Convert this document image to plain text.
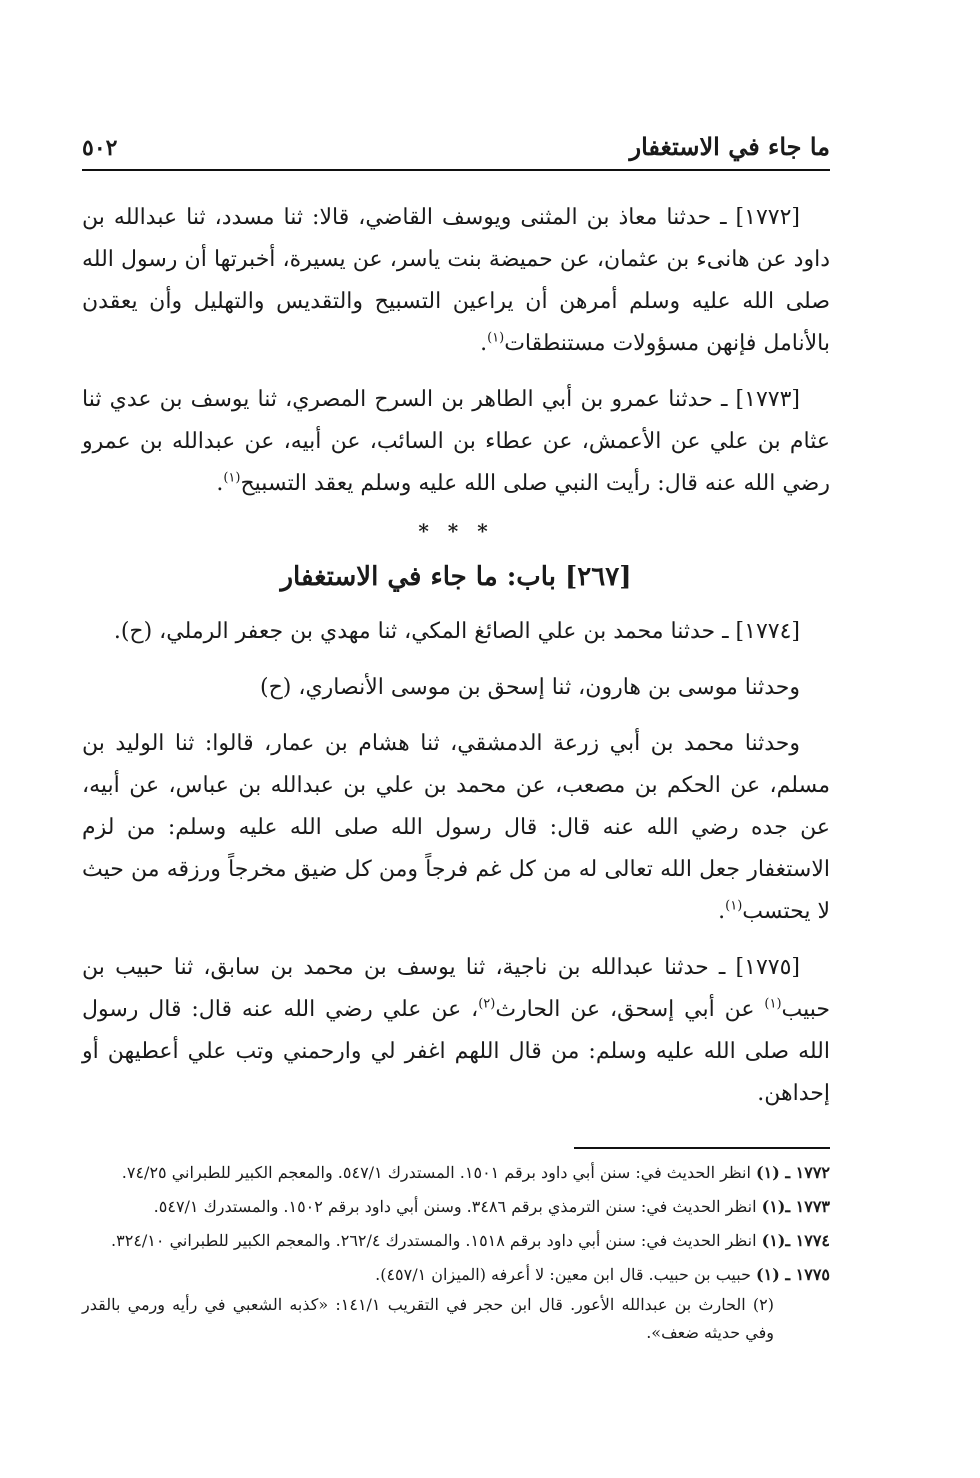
ما جاء في الاستغفار
٥٠٢

[١٧٧٢] ـ حدثنا معاذ بن المثنى ويوسف القاضي، قالا: ثنا مسدد، ثنا عبدالله بن داود عن هانىء بن عثمان، عن حميضة بنت ياسر، عن يسيرة، أخبرتها أن رسول الله صلى الله عليه وسلم أمرهن أن يراعين التسبيح والتقديس والتهليل وأن يعقدن بالأنامل فإنهن مسؤولات مستنطقات$^{(١)}$.

[١٧٧٣] ـ حدثنا عمرو بن أبي الطاهر بن السرح المصري، ثنا يوسف بن عدي ثنا عثام بن علي عن الأعمش، عن عطاء بن السائب، عن أبيه، عن عبدالله بن عمرو رضي الله عنه قال: رأيت النبي صلى الله عليه وسلم يعقد التسبيح$^{(١)}$.

* * *
[٢٦٧] باب: ما جاء في الاستغفار

[١٧٧٤] ـ حدثنا محمد بن علي الصائغ المكي، ثنا مهدي بن جعفر الرملي، (ح).

وحدثنا موسى بن هارون، ثنا إسحق بن موسى الأنصاري، (ح)

وحدثنا محمد بن أبي زرعة الدمشقي، ثنا هشام بن عمار، قالوا: ثنا الوليد بن مسلم، عن الحكم بن مصعب، عن محمد بن علي بن عبدالله بن عباس، عن أبيه، عن جده رضي الله عنه قال: قال رسول الله صلى الله عليه وسلم: من لزم الاستغفار جعل الله تعالى له من كل غم فرجاً ومن كل ضيق مخرجاً ورزقه من حيث لا يحتسب$^{(١)}$.

[١٧٧٥] ـ حدثنا عبدالله بن ناجية، ثنا يوسف بن محمد بن سابق، ثنا حبيب بن حبيب$^{(١)}$ عن أبي إسحق، عن الحارث$^{(٢)}$، عن علي رضي الله عنه قال: قال رسول الله صلى الله عليه وسلم: من قال اللهم اغفر لي وارحمني وتب علي أعطيهن أو إحداهن.

١٧٧٢ ـ (١) انظر الحديث في: سنن أبي داود برقم ١٥٠١. المستدرك ٥٤٧/١. والمعجم الكبير للطبراني ٧٤/٢٥.
١٧٧٣ ـ(١) انظر الحديث في: سنن الترمذي برقم ٣٤٨٦. وسنن أبي داود برقم ١٥٠٢. والمستدرك ٥٤٧/١.
١٧٧٤ ـ(١) انظر الحديث في: سنن أبي داود برقم ١٥١٨. والمستدرك ٢٦٢/٤. والمعجم الكبير للطبراني ٣٢٤/١٠.
١٧٧٥ ـ (١) حبيب بن حبيب. قال ابن معين: لا أعرفه (الميزان ٤٥٧/١).
(٢) الحارث بن عبدالله الأعور. قال ابن حجر في التقريب ١٤١/١: «كذبه الشعبي في رأيه ورمي بالقدر وفي حديثه ضعف».
